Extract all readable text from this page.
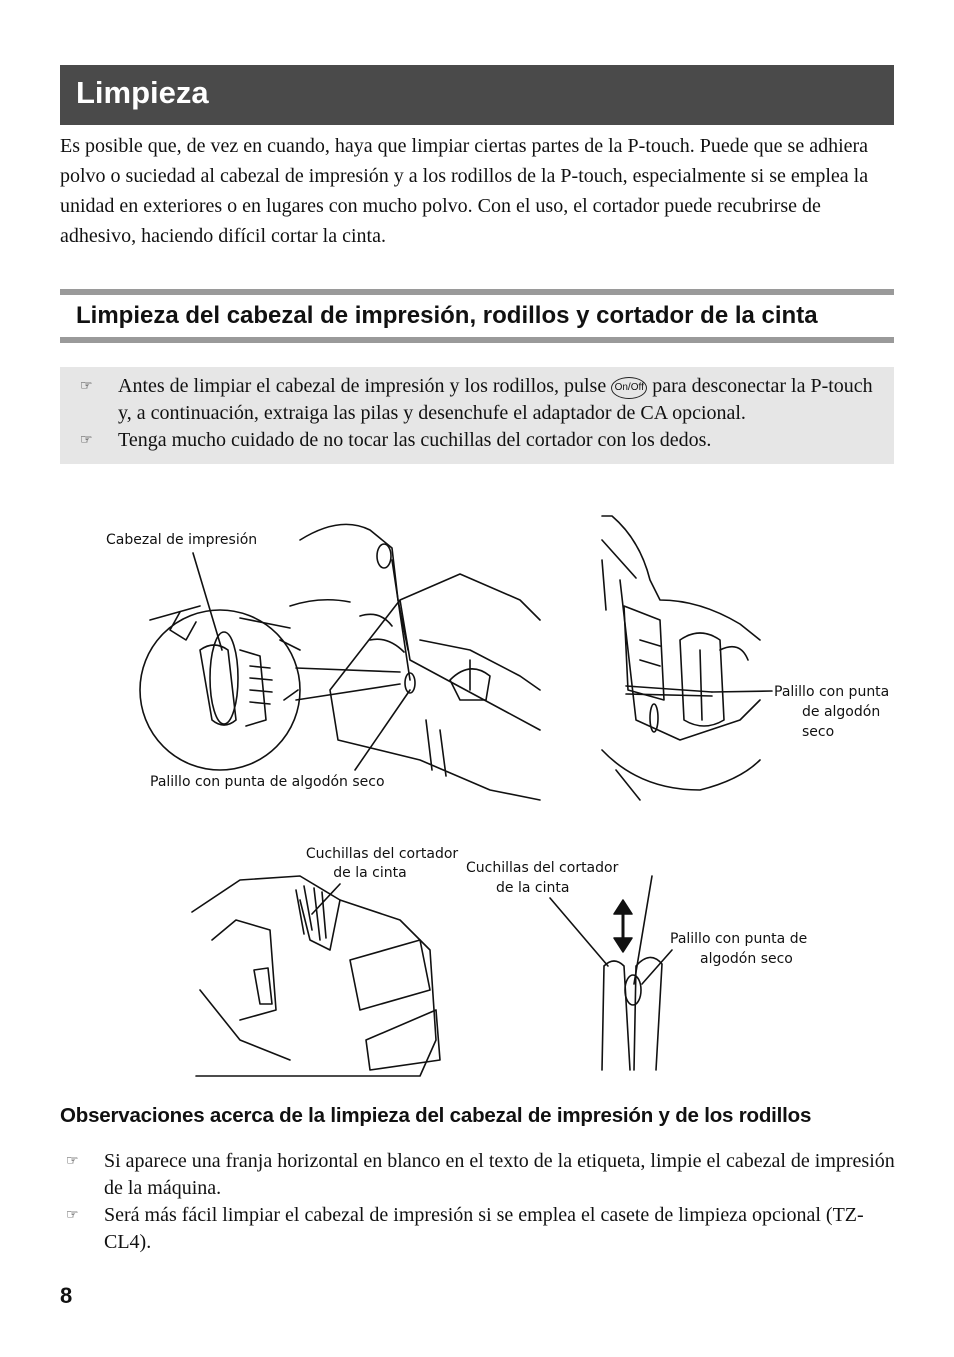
Limpieza

Es posible que, de vez en cuando, haya que limpiar ciertas partes de la P-touch. Puede que se adhiera polvo o suciedad al cabezal de impresión y a los rodillos de la P-touch, especialmente si se emplea la unidad en exteriores o en lugares con mucho polvo. Con el uso, el cortador puede recubrirse de adhesivo, haciendo difícil cortar la cinta.

Limpieza del cabezal de impresión, rodillos y cortador de la cinta
☞	Antes de limpiar el cabezal de impresión y los rodillos, pulse On/Off para desconectar la P-touch y, a continuación, extraiga las pilas y desenchufe el adaptador de CA opcional.
☞	Tenga mucho cuidado de no tocar las cuchillas del cortador con los dedos.
Cabezal de impresión
Palillo con punta de algodón seco
Palillo con punta
de algodón
seco
Cuchillas del cortador
de la cinta	Cuchillas del cortador
de la cinta
Palillo con punta de
algodón seco
Observaciones acerca de la limpieza del cabezal de impresión y de los rodillos
☞	Si aparece una franja horizontal en blanco en el texto de la etiqueta, limpie el cabezal de impresión de la máquina.
☞	Será más fácil limpiar el cabezal de impresión si se emplea el casete de limpieza opcional (TZ-CL4).

8
